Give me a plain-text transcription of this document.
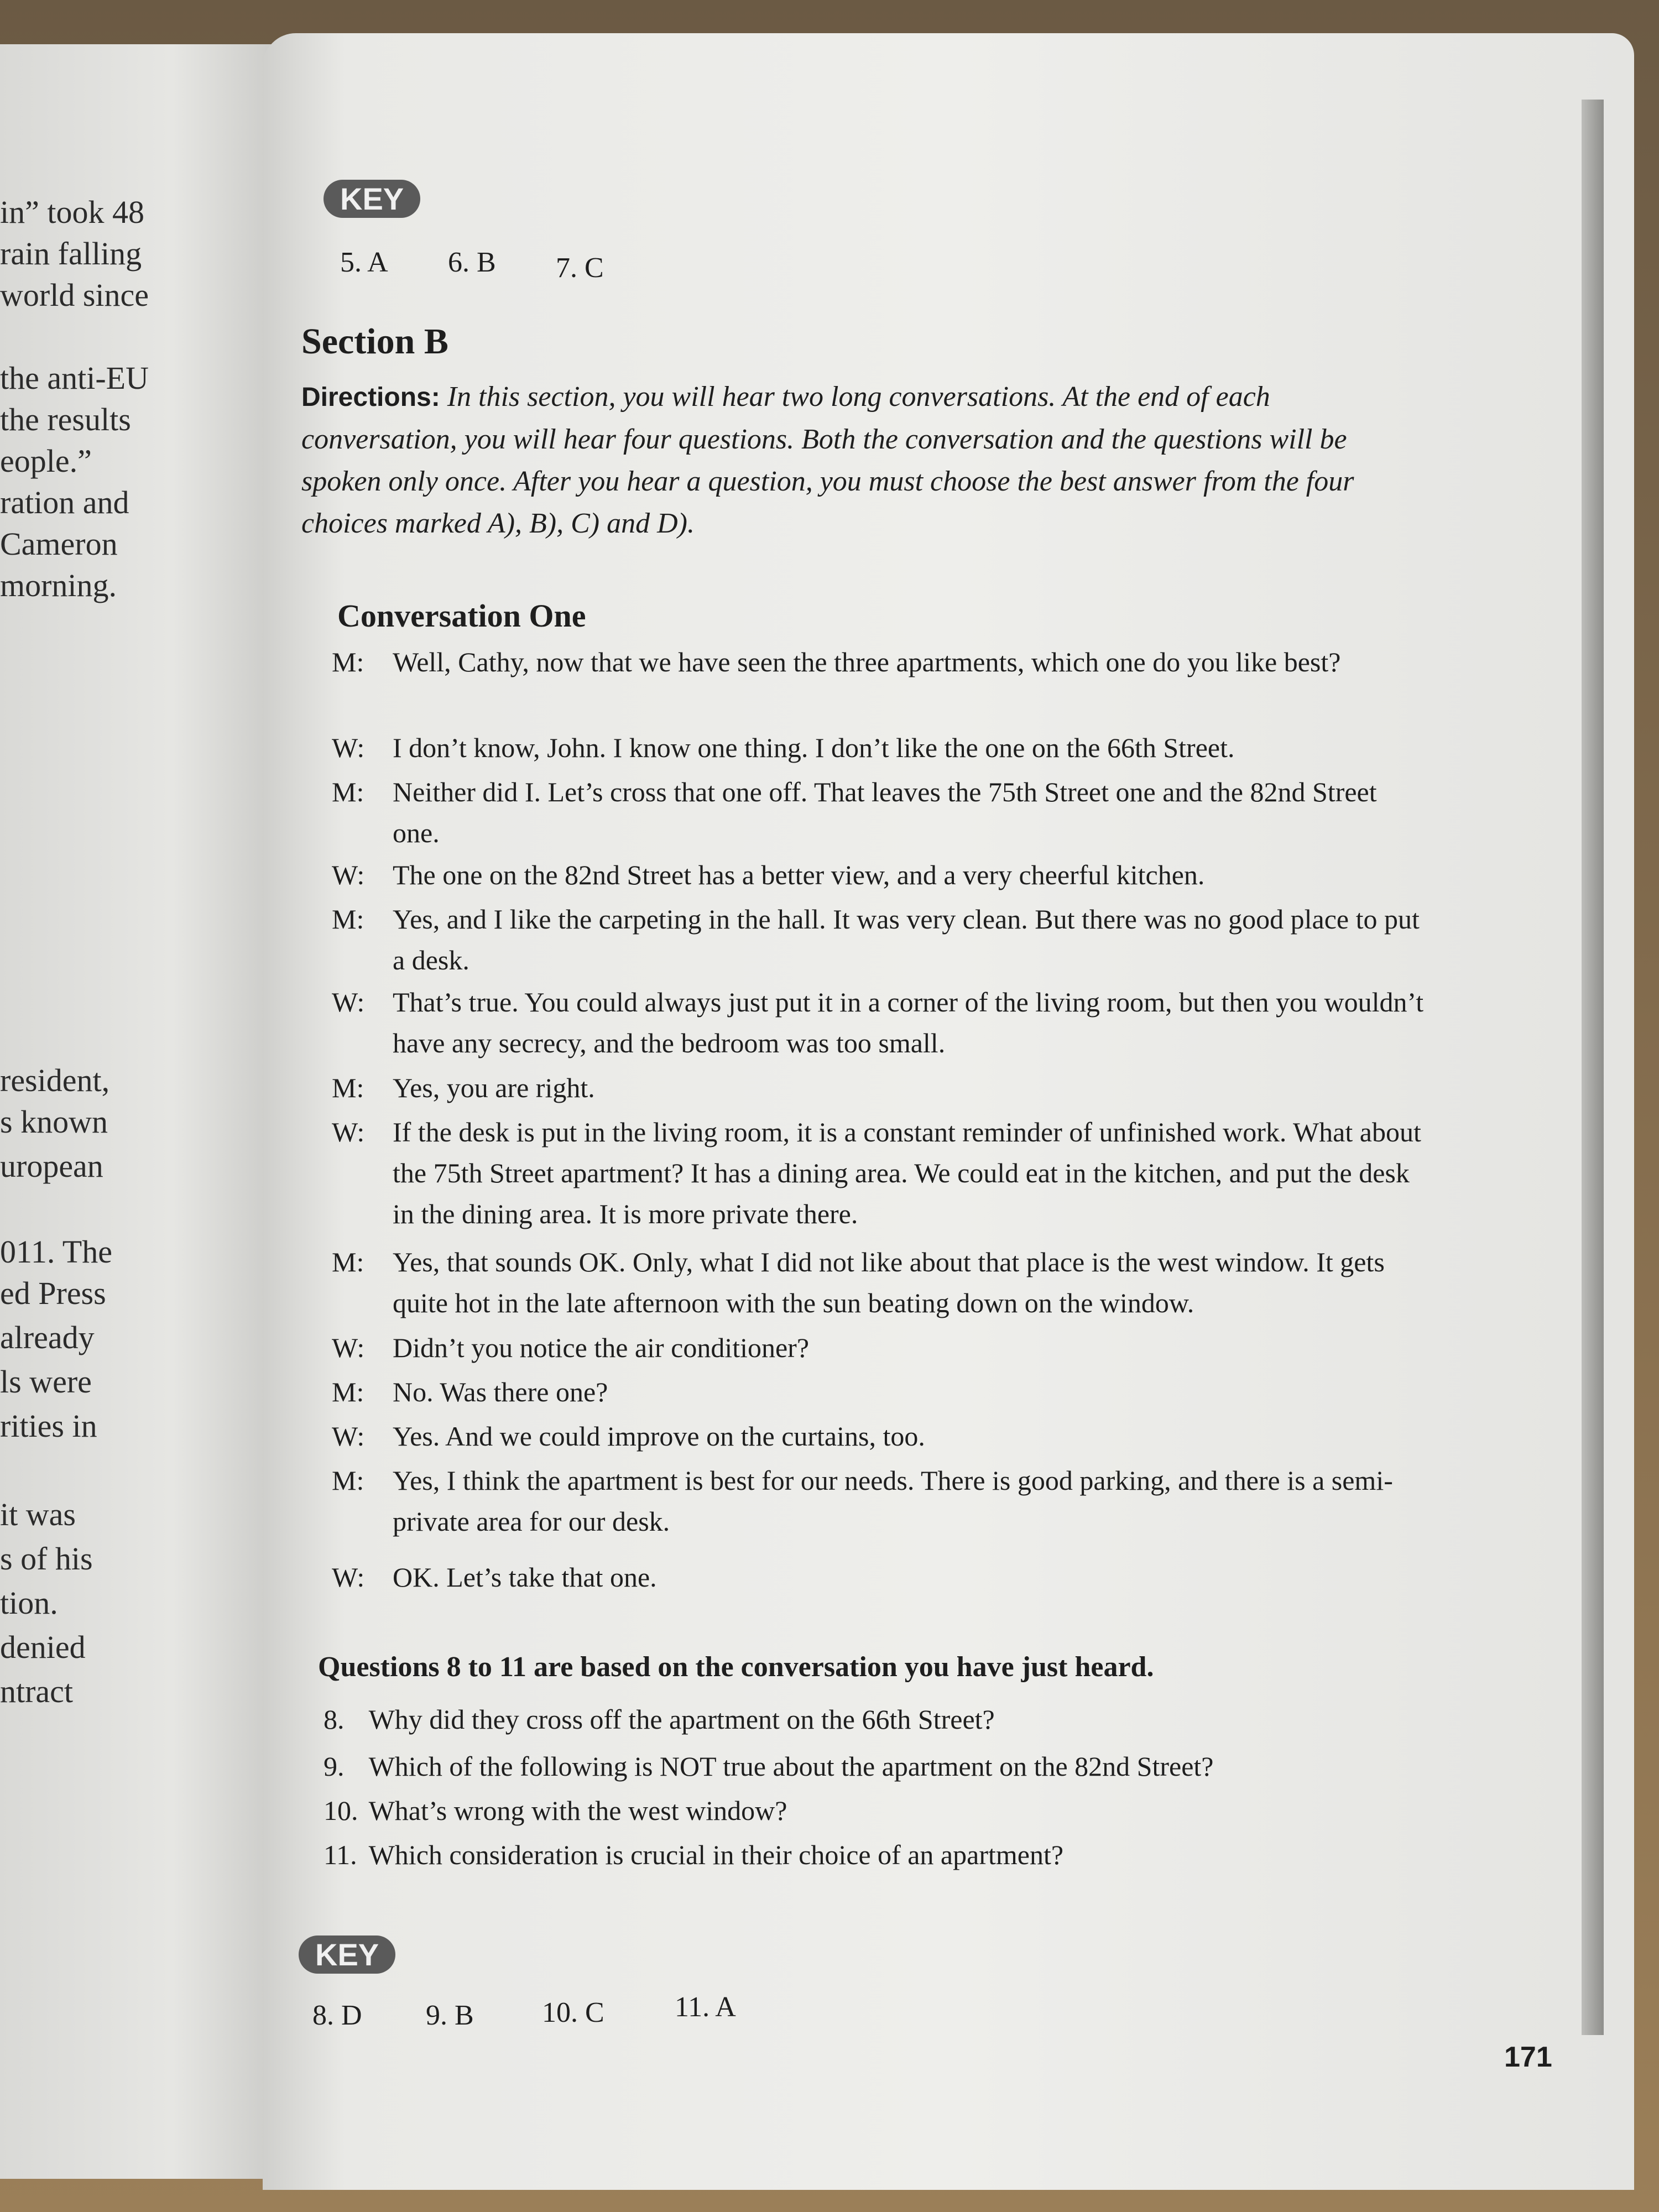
in” took 48
rain falling
world since
the anti-EU
the results
eople.”
ration and
Cameron
morning.
resident,
s known
uropean
011. The
ed Press
already
ls were
rities in
it was
s of his
tion.
denied
ntract
KEY
5. A 6. B 7. C
Section B
Directions: In this section, you will hear two long conversations. At the end of each conversation, you will hear four questions. Both the conversation and the questions will be spoken only once. After you hear a question, you must choose the best answer from the four choices marked A), B), C) and D).
Conversation One
M:	Well, Cathy, now that we have seen the three apartments, which one do you like best?
W:	I don’t know, John. I know one thing. I don’t like the one on the 66th Street.
M:	Neither did I. Let’s cross that one off. That leaves the 75th Street one and the 82nd Street one.
W:	The one on the 82nd Street has a better view, and a very cheerful kitchen.
M:	Yes, and I like the carpeting in the hall. It was very clean. But there was no good place to put a desk.
W:	That’s true. You could always just put it in a corner of the living room, but then you wouldn’t have any secrecy, and the bedroom was too small.
M:	Yes, you are right.
W:	If the desk is put in the living room, it is a constant reminder of unfinished work. What about the 75th Street apartment? It has a dining area. We could eat in the kitchen, and put the desk in the dining area. It is more private there.
M:	Yes, that sounds OK. Only, what I did not like about that place is the west window. It gets quite hot in the late afternoon with the sun beating down on the window.
W:	Didn’t you notice the air conditioner?
M:	No. Was there one?
W:	Yes. And we could improve on the curtains, too.
M:	Yes, I think the apartment is best for our needs. There is good parking, and there is a semi-private area for our desk.
W:	OK. Let’s take that one.
Questions 8 to 11 are based on the conversation you have just heard.
8. Why did they cross off the apartment on the 66th Street?
9. Which of the following is NOT true about the apartment on the 82nd Street?
10. What’s wrong with the west window?
11. Which consideration is crucial in their choice of an apartment?
KEY
8. D 9. B 10. C 11. A
171
